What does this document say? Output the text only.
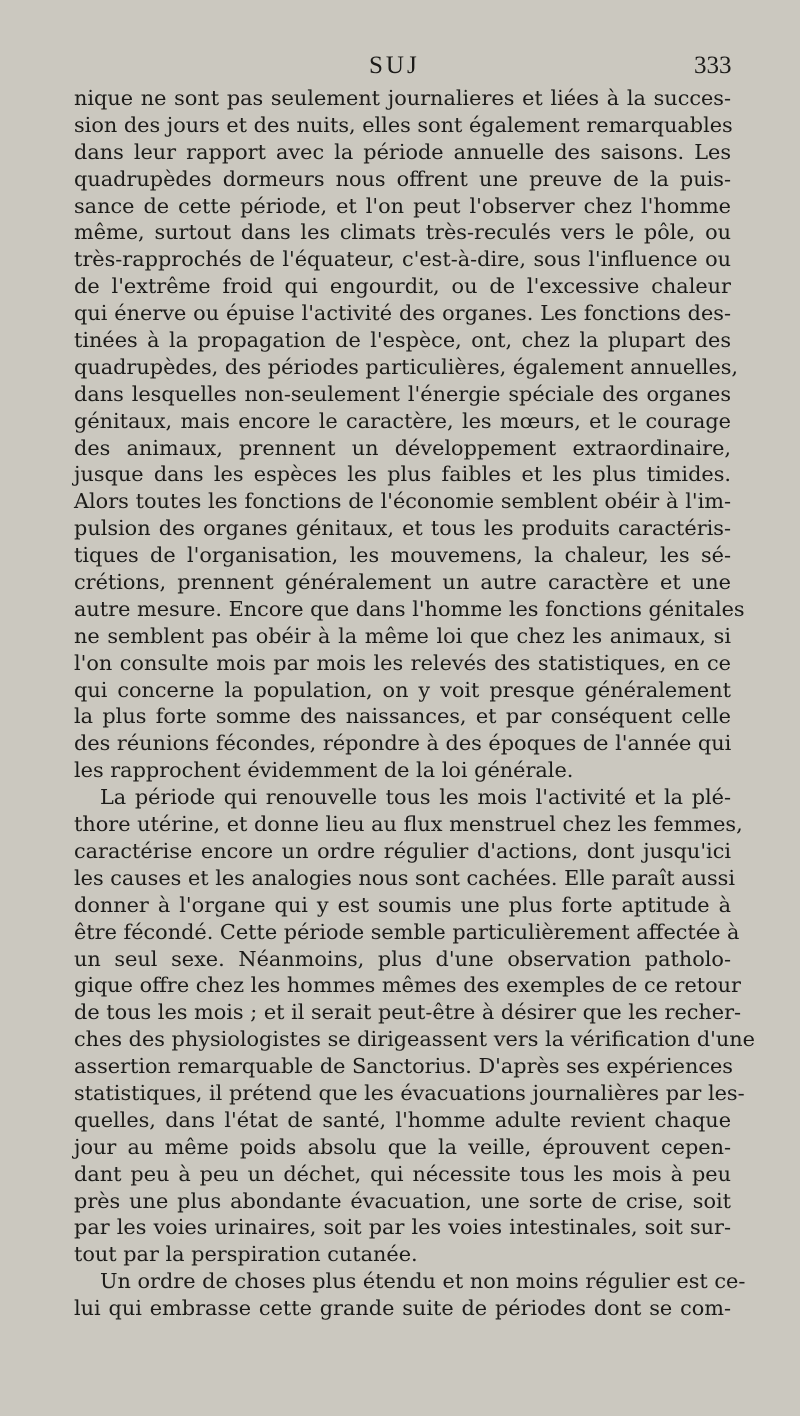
SUJ	333
nique ne sont pas seulement journalieres et liées à la succes-
sion des jours et des nuits, elles sont également remarquables
dans leur rapport avec la période annuelle des saisons. Les
quadrupèdes dormeurs nous offrent une preuve de la puis-
sance de cette période, et l'on peut l'observer chez l'homme
même, surtout dans les climats très-reculés vers le pôle, ou
très-rapprochés de l'équateur, c'est-à-dire, sous l'influence ou
de l'extrême froid qui engourdit, ou de l'excessive chaleur
qui énerve ou épuise l'activité des organes. Les fonctions des-
tinées à la propagation de l'espèce, ont, chez la plupart des
quadrupèdes, des périodes particulières, également annuelles,
dans lesquelles non-seulement l'énergie spéciale des organes
génitaux, mais encore le caractère, les mœurs, et le courage
des animaux, prennent un développement extraordinaire,
jusque dans les espèces les plus faibles et les plus timides.
Alors toutes les fonctions de l'économie semblent obéir à l'im-
pulsion des organes génitaux, et tous les produits caractéris-
tiques de l'organisation, les mouvemens, la chaleur, les sé-
crétions, prennent généralement un autre caractère et une
autre mesure. Encore que dans l'homme les fonctions génitales
ne semblent pas obéir à la même loi que chez les animaux, si
l'on consulte mois par mois les relevés des statistiques, en ce
qui concerne la population, on y voit presque généralement
la plus forte somme des naissances, et par conséquent celle
des réunions fécondes, répondre à des époques de l'année qui
les rapprochent évidemment de la loi générale.
La période qui renouvelle tous les mois l'activité et la plé-
thore utérine, et donne lieu au flux menstruel chez les femmes,
caractérise encore un ordre régulier d'actions, dont jusqu'ici
les causes et les analogies nous sont cachées. Elle paraît aussi
donner à l'organe qui y est soumis une plus forte aptitude à
être fécondé. Cette période semble particulièrement affectée à
un seul sexe. Néanmoins, plus d'une observation patholo-
gique offre chez les hommes mêmes des exemples de ce retour
de tous les mois ; et il serait peut-être à désirer que les recher-
ches des physiologistes se dirigeassent vers la vérification d'une
assertion remarquable de Sanctorius. D'après ses expériences
statistiques, il prétend que les évacuations journalières par les-
quelles, dans l'état de santé, l'homme adulte revient chaque
jour au même poids absolu que la veille, éprouvent cepen-
dant peu à peu un déchet, qui nécessite tous les mois à peu
près une plus abondante évacuation, une sorte de crise, soit
par les voies urinaires, soit par les voies intestinales, soit sur-
tout par la perspiration cutanée.
Un ordre de choses plus étendu et non moins régulier est ce-
lui qui embrasse cette grande suite de périodes dont se com-
